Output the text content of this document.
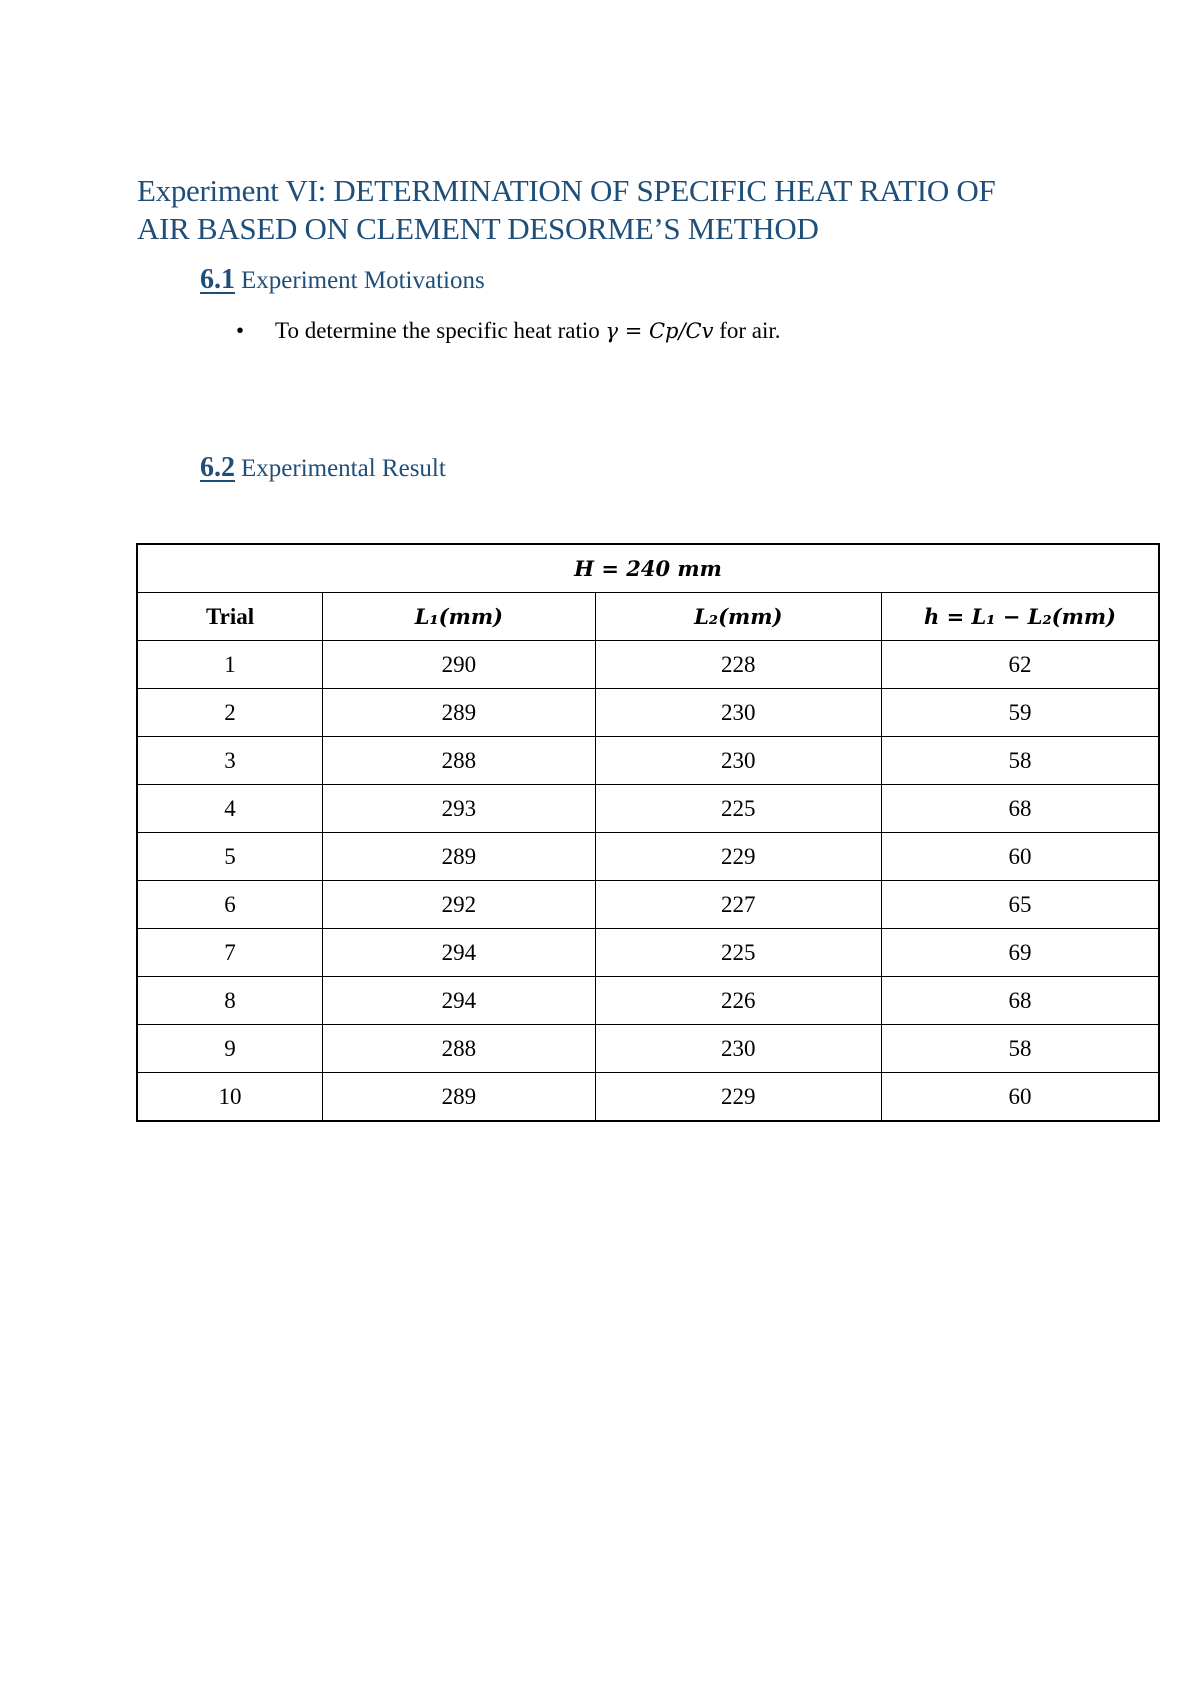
Experiment VI: DETERMINATION OF SPECIFIC HEAT RATIO OF
AIR BASED ON CLEMENT DESORME’S METHOD
6.1 Experiment Motivations
• To determine the specific heat ratio γ = Cp/Cv for air.
6.2 Experimental Result
H = 240 mm			
Trial	L₁(mm)	L₂(mm)	h = L₁ − L₂(mm)
1	290	228	62
2	289	230	59
3	288	230	58
4	293	225	68
5	289	229	60
6	292	227	65
7	294	225	69
8	294	226	68
9	288	230	58
10	289	229	60
